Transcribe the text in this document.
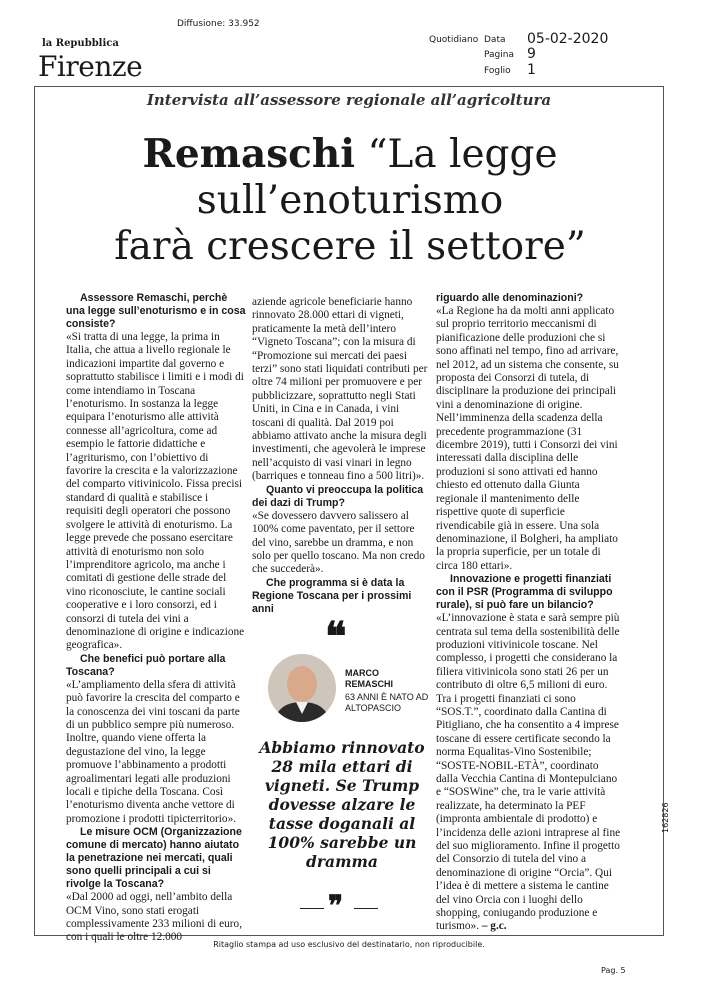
Diffusione: 33.952
la Repubblica
Firenze
Quotidiano Data 05-02-2020
Pagina 9
Foglio 1
Intervista all’assessore regionale all’agricoltura
Remaschi “La legge
sull’enoturismo
farà crescere il settore”

Assessore Remaschi, perchè una legge sull’enoturismo e in cosa consiste?

«Si tratta di una legge, la prima in Italia, che attua a livello regionale le indicazioni impartite dal governo e soprattutto stabilisce i limiti e i modi di come intendiamo in Toscana l’enoturismo. In sostanza la legge equipara l’enoturismo alle attività connesse all’agricoltura, come ad esempio le fattorie didattiche e l’agriturismo, con l’obiettivo di favorire la crescita e la valorizzazione del comparto vitivinicolo. Fissa precisi standard di qualità e stabilisce i requisiti degli operatori che possono svolgere le attività di enoturismo. La legge prevede che possano esercitare attività di enoturismo non solo l’imprenditore agricolo, ma anche i comitati di gestione delle strade del vino riconosciute, le cantine sociali cooperative e i loro consorzi, ed i consorzi di tutela dei vini a denominazione di origine e indicazione geografica».

Che benefici può portare alla Toscana?

«L’ampliamento della sfera di attività può favorire la crescita del comparto e la conoscenza dei vini toscani da parte di un pubblico sempre più numeroso. Inoltre, quando viene offerta la degustazione del vino, la legge promuove l’abbinamento a prodotti agroalimentari legati alle produzioni locali e tipiche della Toscana. Così l’enoturismo diventa anche vettore di promozione i prodotti tipicterritorio».

Le misure OCM (Organizzazione comune di mercato) hanno aiutato la penetrazione nei mercati, quali sono quelli principali a cui si rivolge la Toscana?

«Dal 2000 ad oggi, nell’ambito della OCM Vino, sono stati erogati complessivamente 233 milioni di euro, con i quali le oltre 12.000

aziende agricole beneficiarie hanno rinnovato 28.000 ettari di vigneti, praticamente la metà dell’intero “Vigneto Toscana”; con la misura di “Promozione sui mercati dei paesi terzi” sono stati liquidati contributi per oltre 74 milioni per promuovere e per pubblicizzare, soprattutto negli Stati Uniti, in Cina e in Canada, i vini toscani di qualità. Dal 2019 poi abbiamo attivato anche la misura degli investimenti, che agevolerà le imprese nell’acquisto di vasi vinari in legno (barriques e tonneau fino a 500 litri)».

Quanto vi preoccupa la politica dei dazi di Trump?

«Se dovessero davvero salissero al 100% come paventato, per il settore del vino, sarebbe un dramma, e non solo per quello toscano. Ma non credo che succederà».

Che programma si è data la Regione Toscana per i prossimi anni

❝
MARCO
REMASCHI
63 ANNI È NATO AD ALTOPASCIO
Abbiamo rinnovato 28 mila ettari di vigneti. Se Trump dovesse alzare le tasse doganali al 100% sarebbe un dramma
❞

riguardo alle denominazioni?

«La Regione ha da molti anni applicato sul proprio territorio meccanismi di pianificazione delle produzioni che si sono affinati nel tempo, fino ad arrivare, nel 2012, ad un sistema che consente, su proposta dei Consorzi di tutela, di disciplinare la produzione dei principali vini a denominazione di origine. Nell’imminenza della scadenza della precedente programmazione (31 dicembre 2019), tutti i Consorzi dei vini interessati dalla disciplina delle produzioni si sono attivati ed hanno chiesto ed ottenuto dalla Giunta regionale il mantenimento delle rispettive quote di superficie rivendicabile già in essere. Una sola denominazione, il Bolgheri, ha ampliato la propria superficie, per un totale di circa 180 ettari».

Innovazione e progetti finanziati con il PSR (Programma di sviluppo rurale), si può fare un bilancio?

«L’innovazione è stata e sarà sempre più centrata sul tema della sostenibilità delle produzioni vitivinicole toscane. Nel complesso, i progetti che considerano la filiera vitivinicola sono stati 26 per un contributo di oltre 6,5 milioni di euro. Tra i progetti finanziati ci sono “SOS.T.”, coordinato dalla Cantina di Pitigliano, che ha consentito a 4 imprese toscane di essere certificate secondo la norma Equalitas-Vino Sostenibile; “SOSTE-NOBIL-ETÀ”, coordinato dalla Vecchia Cantina di Montepulciano e “SOSWine” che, tra le varie attività realizzate, ha determinato la PEF (impronta ambientale di prodotto) e l’incidenza delle azioni intraprese al fine del suo miglioramento. Infine il progetto del Consorzio di tutela del vino a denominazione di origine “Orcia”. Qui l’idea è di mettere a sistema le cantine del vino Orcia con i luoghi dello shopping, coniugando produzione e turismo». – g.c.

162826
Ritaglio stampa ad uso esclusivo del destinatario, non riproducibile.
Pag. 5
